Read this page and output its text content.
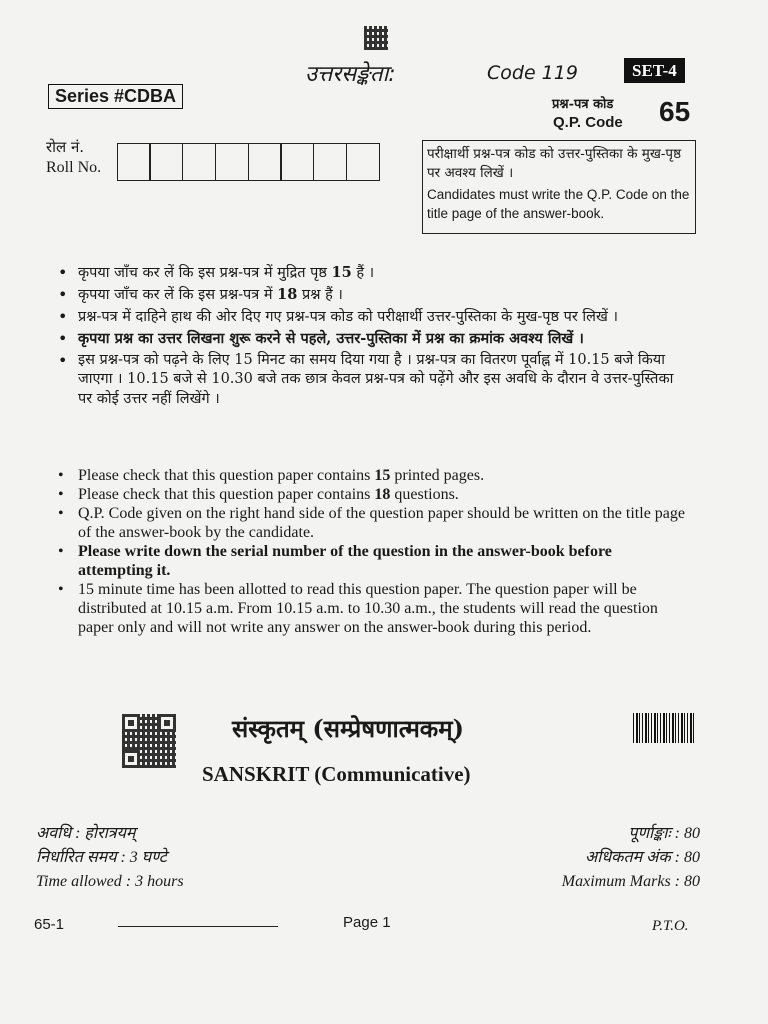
उत्तरसङ्केता:	Code 119	SET-4
Series #CDBA	प्रश्न-पत्र कोड
Q.P. Code 65
रोल नं.
Roll No.
परीक्षार्थी प्रश्न-पत्र कोड को उत्तर-पुस्तिका के मुख-पृष्ठ पर अवश्य लिखें ।
Candidates must write the Q.P. Code on the title page of the answer-book.
• कृपया जाँच कर लें कि इस प्रश्न-पत्र में मुद्रित पृष्ठ 15 हैं ।
• कृपया जाँच कर लें कि इस प्रश्न-पत्र में 18 प्रश्न हैं ।
• प्रश्न-पत्र में दाहिने हाथ की ओर दिए गए प्रश्न-पत्र कोड को परीक्षार्थी उत्तर-पुस्तिका के मुख-पृष्ठ पर लिखें ।
• कृपया प्रश्न का उत्तर लिखना शुरू करने से पहले, उत्तर-पुस्तिका में प्रश्न का क्रमांक अवश्य लिखें ।
• इस प्रश्न-पत्र को पढ़ने के लिए 15 मिनट का समय दिया गया है । प्रश्न-पत्र का वितरण पूर्वाह्न में 10.15 बजे किया जाएगा । 10.15 बजे से 10.30 बजे तक छात्र केवल प्रश्न-पत्र को पढ़ेंगे और इस अवधि के दौरान वे उत्तर-पुस्तिका पर कोई उत्तर नहीं लिखेंगे ।
• Please check that this question paper contains 15 printed pages.
• Please check that this question paper contains 18 questions.
• Q.P. Code given on the right hand side of the question paper should be written on the title page of the answer-book by the candidate.
• Please write down the serial number of the question in the answer-book before attempting it.
• 15 minute time has been allotted to read this question paper. The question paper will be distributed at 10.15 a.m. From 10.15 a.m. to 10.30 a.m., the students will read the question paper only and will not write any answer on the answer-book during this period.
संस्कृतम् (सम्प्रेषणात्मकम्)
SANSKRIT (Communicative)
अवधि : होरात्रयम्
निर्धारित समय : 3 घण्टे
Time allowed : 3 hours
पूर्णाङ्काः : 80
अधिकतम अंक : 80
Maximum Marks : 80
65-1	Page 1	P.T.O.
